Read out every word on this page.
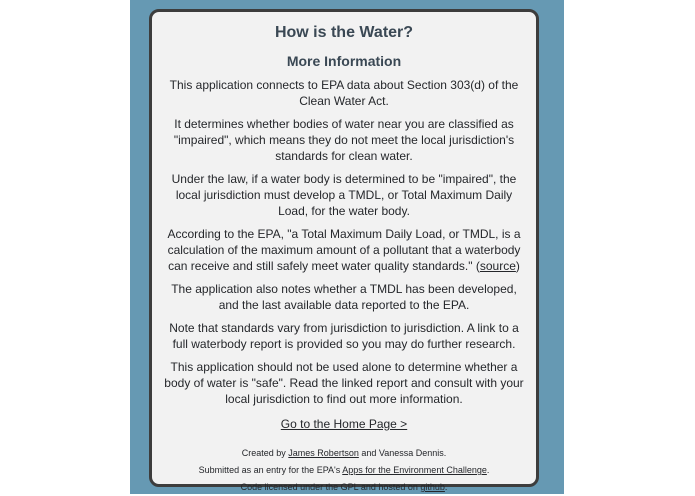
How is the Water?
More Information

This application connects to EPA data about Section 303(d) of the Clean Water Act.

It determines whether bodies of water near you are classified as "impaired", which means they do not meet the local jurisdiction's standards for clean water.

Under the law, if a water body is determined to be "impaired", the local jurisdiction must develop a TMDL, or Total Maximum Daily Load, for the water body.

According to the EPA, "a Total Maximum Daily Load, or TMDL, is a calculation of the maximum amount of a pollutant that a waterbody can receive and still safely meet water quality standards." (source)

The application also notes whether a TMDL has been developed, and the last available data reported to the EPA.

Note that standards vary from jurisdiction to jurisdiction. A link to a full waterbody report is provided so you may do further research.

This application should not be used alone to determine whether a body of water is "safe". Read the linked report and consult with your local jurisdiction to find out more information.

Go to the Home Page >

Created by James Robertson and Vanessa Dennis.

Submitted as an entry for the EPA's Apps for the Environment Challenge.

Code licensed under the GPL and hosted on github.
